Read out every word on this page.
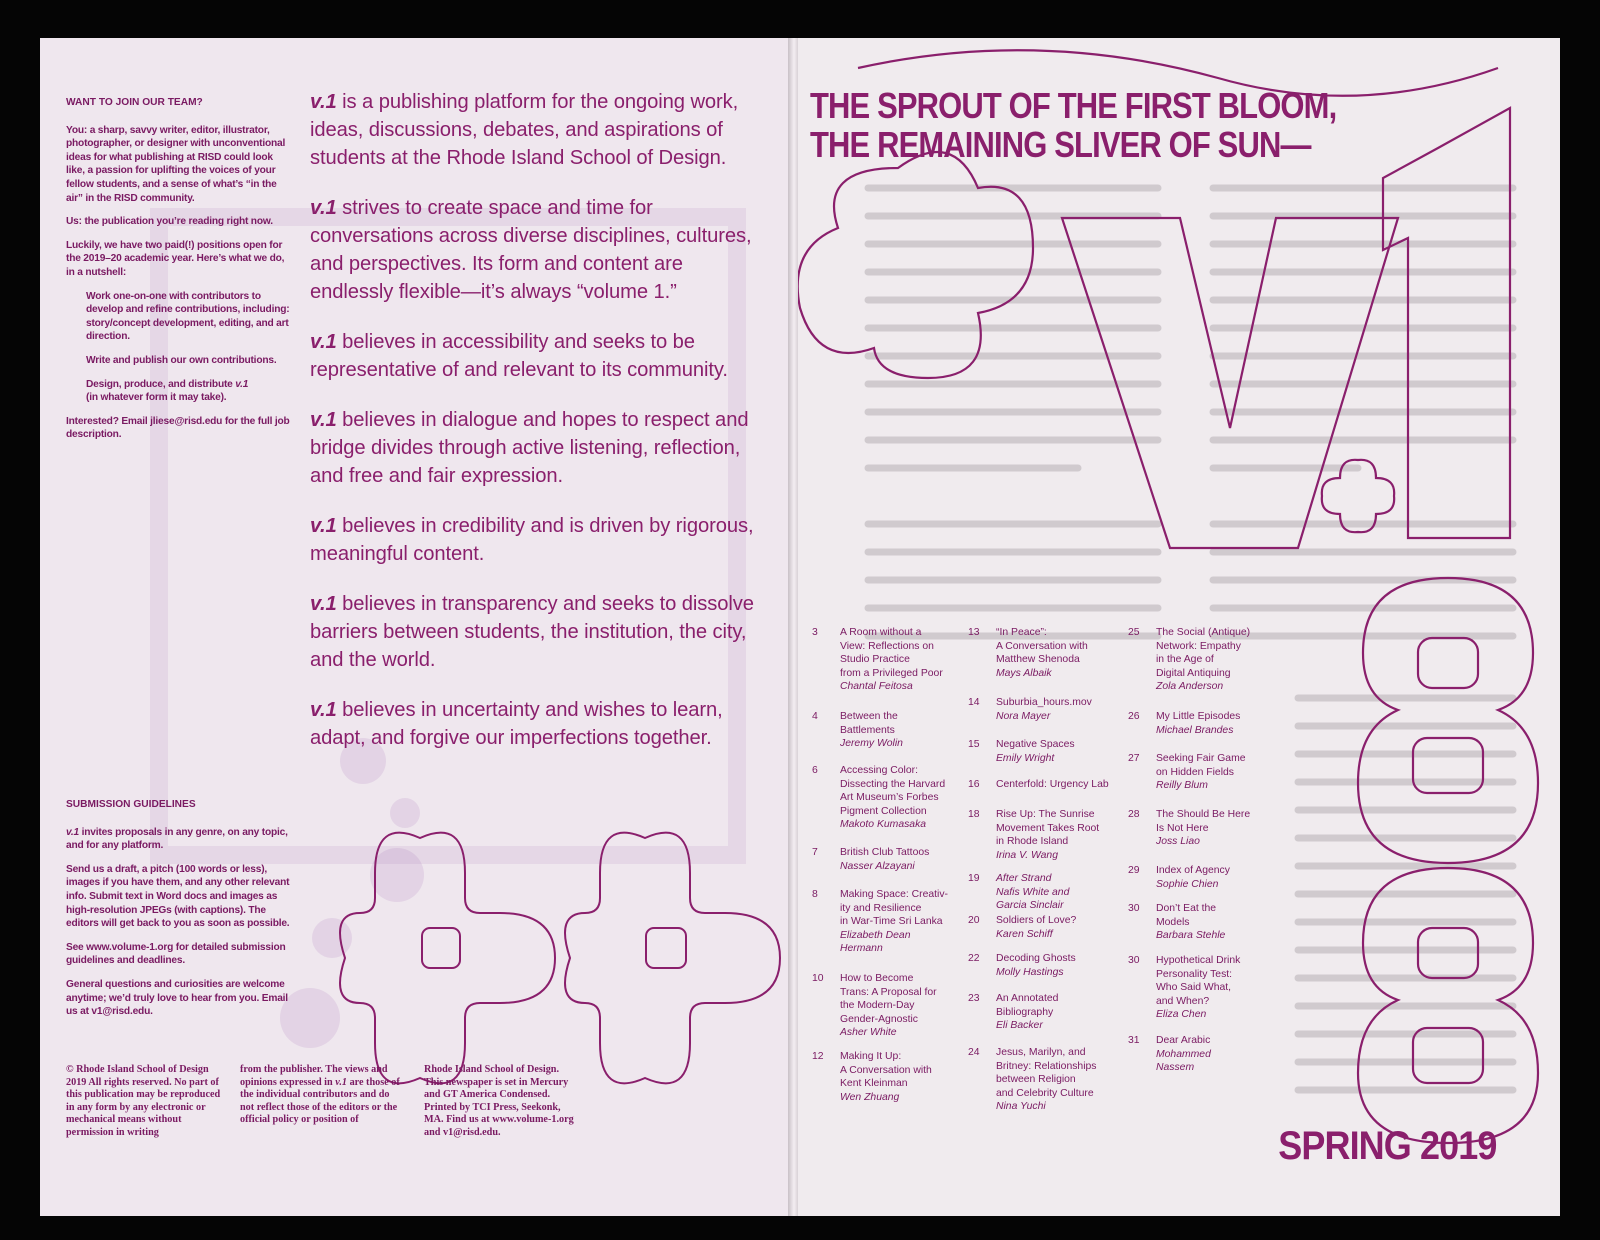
WANT TO JOIN OUR TEAM?

You: a sharp, savvy writer, editor, illustrator, photographer, or designer with unconventional ideas for what publishing at RISD could look like, a passion for uplifting the voices of your fellow students, and a sense of what’s “in the air” in the RISD community.

Us: the publication you’re reading right now.

Luckily, we have two paid(!) positions open for the 2019–20 academic year. Here’s what we do, in a nutshell:

Work one-on-one with contributors to develop and refine contributions, including: story/concept development, editing, and art direction.

Write and publish our own contributions.

Design, produce, and distribute v.1
(in whatever form it may take).

Interested? Email jliese@risd.edu for the full job description.

v.1 is a publishing platform for the ongoing work, ideas, discussions, debates, and aspirations of students at the Rhode Island School of Design.

v.1 strives to create space and time for conversations across diverse disciplines, cultures, and perspectives. Its form and content are endlessly flexible—it’s always “volume 1.”

v.1 believes in accessibility and seeks to be representative of and relevant to its community.

v.1 believes in dialogue and hopes to respect and bridge divides through active listening, reflection, and free and fair expression.

v.1 believes in credibility and is driven by rigorous, meaningful content.

v.1 believes in transparency and seeks to dissolve barriers between students, the institution, the city, and the world.

v.1 believes in uncertainty and wishes to learn, adapt, and forgive our imperfections together.

SUBMISSION GUIDELINES

v.1 invites proposals in any genre, on any topic, and for any platform.

Send us a draft, a pitch (100 words or less), images if you have them, and any other relevant info. Submit text in Word docs and images as high-resolution JPEGs (with captions). The editors will get back to you as soon as possible.

See www.volume-1.org for detailed submission guidelines and deadlines.

General questions and curiosities are welcome anytime; we’d truly love to hear from you. Email us at v1@risd.edu.

© Rhode Island School of Design 2019 All rights reserved. No part of this publication may be reproduced in any form by any electronic or mechanical means without permission in writing
from the publisher. The views and opinions expressed in v.1 are those of the individual contributors and do not reflect those of the editors or the official policy or position of
Rhode Island School of Design. This newspaper is set in Mercury and GT America Condensed. Printed by TCI Press, Seekonk, MA. Find us at www.volume-1.org and v1@risd.edu.
THE SPROUT OF THE FIRST BLOOM,
THE REMAINING SLIVER OF SUN—
3	A Room without a
View: Reflections on
Studio Practice
from a Privileged Poor
Chantal Feitosa
4	Between the
Battlements
Jeremy Wolin
6	Accessing Color:
Dissecting the Harvard
Art Museum’s Forbes
Pigment Collection
Makoto Kumasaka
7	British Club Tattoos
Nasser Alzayani
8	Making Space: Creativ-
ity and Resilience
in War-Time Sri Lanka
Elizabeth Dean
Hermann
10	How to Become
Trans: A Proposal for
the Modern-Day
Gender-Agnostic
Asher White
12	Making It Up:
A Conversation with
Kent Kleinman
Wen Zhuang
13	“In Peace”:
A Conversation with
Matthew Shenoda
Mays Albaik
14	Suburbia_hours.mov
Nora Mayer
15	Negative Spaces
Emily Wright
16	Centerfold: Urgency Lab
18	Rise Up: The Sunrise
Movement Takes Root
in Rhode Island
Irina V. Wang
19	After Strand
Nafis White and
Garcia Sinclair
20	Soldiers of Love?
Karen Schiff
22	Decoding Ghosts
Molly Hastings
23	An Annotated
Bibliography
Eli Backer
24	Jesus, Marilyn, and
Britney: Relationships
between Religion
and Celebrity Culture
Nina Yuchi
25	The Social (Antique)
Network: Empathy
in the Age of
Digital Antiquing
Zola Anderson
26	My Little Episodes
Michael Brandes
27	Seeking Fair Game
on Hidden Fields
Reilly Blum
28	The Should Be Here
Is Not Here
Joss Liao
29	Index of Agency
Sophie Chien
30	Don’t Eat the
Models
Barbara Stehle
30	Hypothetical Drink
Personality Test:
Who Said What,
and When?
Eliza Chen
31	Dear Arabic
Mohammed
Nassem
SPRING 2019
